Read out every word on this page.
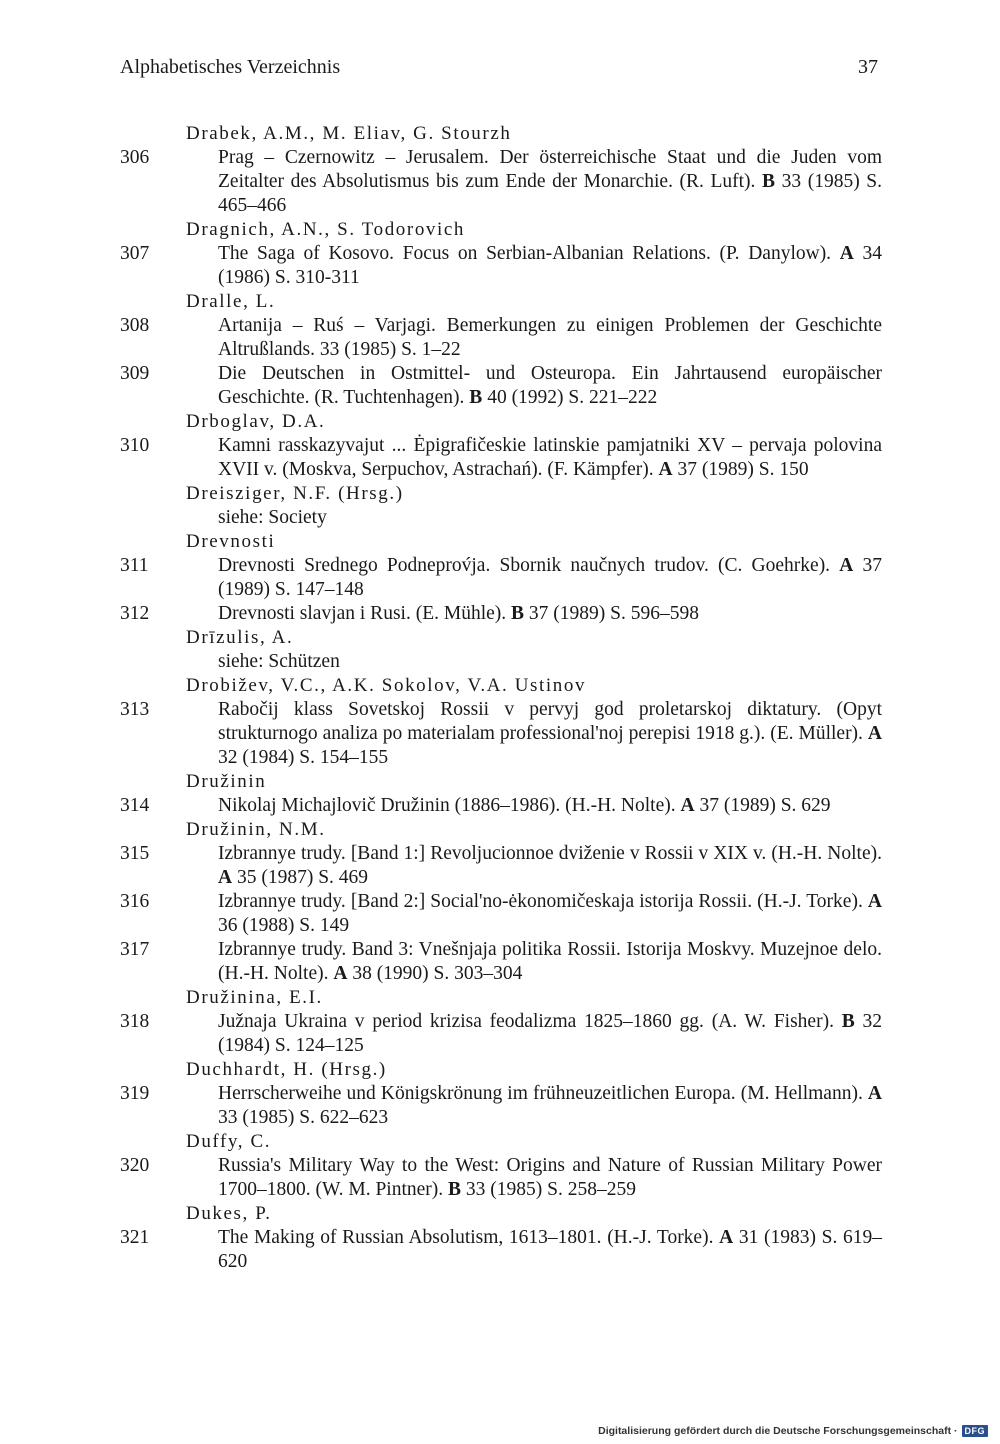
Alphabetisches Verzeichnis	37
Drabek, A.M., M. Eliav, G. Stourzh
306	Prag – Czernowitz – Jerusalem. Der österreichische Staat und die Juden vom Zeitalter des Absolutismus bis zum Ende der Monarchie. (R. Luft). B 33 (1985) S. 465–466
Dragnich, A.N., S. Todorovich
307	The Saga of Kosovo. Focus on Serbian-Albanian Relations. (P. Danylow). A 34 (1986) S. 310-311
Dralle, L.
308	Artanija – Ruś – Varjagi. Bemerkungen zu einigen Problemen der Geschichte Altrußlands. 33 (1985) S. 1–22
309	Die Deutschen in Ostmittel- und Osteuropa. Ein Jahrtausend europäischer Geschichte. (R. Tuchtenhagen). B 40 (1992) S. 221–222
Drboglav, D.A.
310	Kamni rasskazyvajut ... Ėpigrafičeskie latinskie pamjatniki XV – pervaja polovina XVII v. (Moskva, Serpuchov, Astrachań). (F. Kämpfer). A 37 (1989) S. 150
Dreisziger, N.F. (Hrsg.)
siehe: Society
Drevnosti
311	Drevnosti Srednego Podneprov́ja. Sbornik naučnych trudov. (C. Goehrke). A 37 (1989) S. 147–148
312	Drevnosti slavjan i Rusi. (E. Mühle). B 37 (1989) S. 596–598
Drīzulis, A.
siehe: Schützen
Drobižev, V.C., A.K. Sokolov, V.A. Ustinov
313	Rabočij klass Sovetskoj Rossii v pervyj god proletarskoj diktatury. (Opyt strukturnogo analiza po materialam professional'noj perepisi 1918 g.). (E. Müller). A 32 (1984) S. 154–155
Družinin
314	Nikolaj Michajlovič Družinin (1886–1986). (H.-H. Nolte). A 37 (1989) S. 629
Družinin, N.M.
315	Izbrannye trudy. [Band 1:] Revoljucionnoe dviženie v Rossii v XIX v. (H.-H. Nolte). A 35 (1987) S. 469
316	Izbrannye trudy. [Band 2:] Social'no-ėkonomičeskaja istorija Rossii. (H.-J. Torke). A 36 (1988) S. 149
317	Izbrannye trudy. Band 3: Vnešnjaja politika Rossii. Istorija Moskvy. Muzejnoe delo. (H.-H. Nolte). A 38 (1990) S. 303–304
Družinina, E.I.
318	Južnaja Ukraina v period krizisa feodalizma 1825–1860 gg. (A. W. Fisher). B 32 (1984) S. 124–125
Duchhardt, H. (Hrsg.)
319	Herrscherweihe und Königskrönung im frühneuzeitlichen Europa. (M. Hellmann). A 33 (1985) S. 622–623
Duffy, C.
320	Russia's Military Way to the West: Origins and Nature of Russian Military Power 1700–1800. (W. M. Pintner). B 33 (1985) S. 258–259
Dukes, P.
321	The Making of Russian Absolutism, 1613–1801. (H.-J. Torke). A 31 (1983) S. 619–620
Digitalisierung gefördert durch die Deutsche Forschungsgemeinschaft · DFG
